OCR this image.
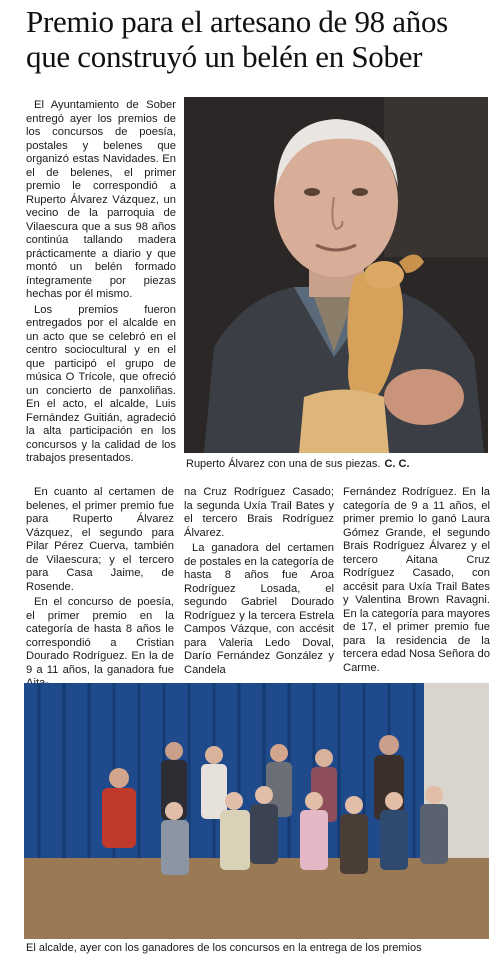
Premio para el artesano de 98 años que construyó un belén en Sober

El Ayuntamiento de Sober entregó ayer los premios de los concursos de poesía, postales y belenes que organizó estas Navidades. En el de belenes, el primer premio le correspondió a Ruperto Álvarez Vázquez, un vecino de la parroquia de Vilaescura que a sus 98 años continúa tallando madera prácticamente a diario y que montó un belén formado íntegramente por piezas hechas por él mismo.

Los premios fueron entregados por el alcalde en un acto que se celebró en el centro sociocultural y en el que participó el grupo de música O Trícole, que ofreció un concierto de panxoliñas. En el acto, el alcalde, Luis Fernández Guitián, agradeció la alta participación en los concursos y la calidad de los trabajos presentados.	Ruperto Álvarez con una de sus piezas. C. C.

En cuanto al certamen de belenes, el primer premio fue para Ruperto Álvarez Vázquez, el segundo para Pilar Pérez Cuerva, también de Vilaescura; y el tercero para Casa Jaime, de Rosende.

En el concurso de poesía, el primer premio en la categoría de hasta 8 años le correspondió a Cristian Dourado Rodríguez. En la de 9 a 11 años, la ganadora fue

na Cruz Rodríguez Casado; la segunda Uxía Trail Bates y el tercero Brais Rodríguez Álvarez.

La ganadora del certamen de postales en la categoría de hasta 8 años fue Aroa Rodríguez Losada, el segundo Gabriel Dourado Rodríguez y la tercera Estrela Campos Vázque, con accésit para Valeria Ledo Doval, Darío Fernández González y Candela

Fernández Rodríguez. En la categoría de 9 a 11 años, el primer premio lo ganó Laura Gómez Grande, el segundo Brais Rodríguez Álvarez y el tercero Aitana Cruz Rodríguez Casado, con accésit para Uxía Trail Bates y Valentina Brown Ravagni. En la categoría para mayores de 17, el primer premio fue para la residencia de la tercera edad Nosa Señora do Carme.

El alcalde, ayer con los ganadores de los concursos en la entrega de los premios
